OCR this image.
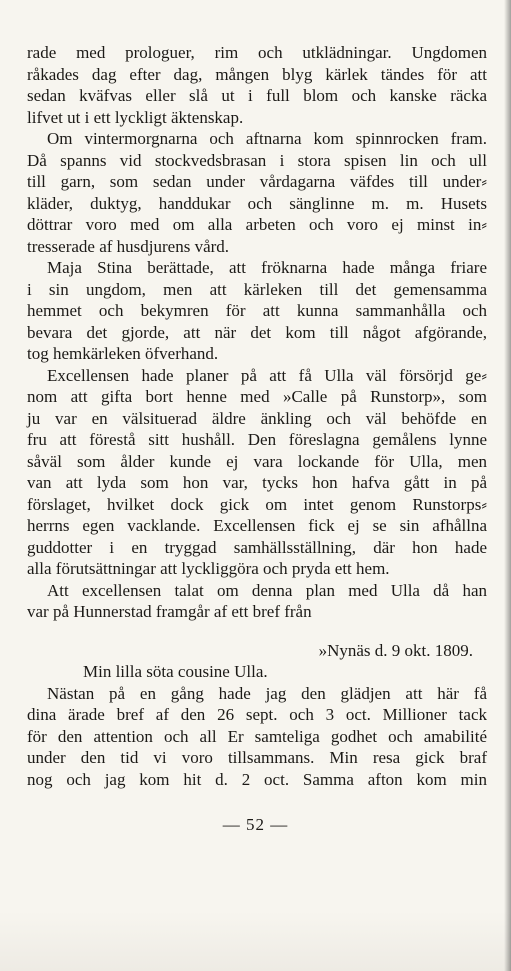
rade med prologuer, rim och utklädningar. Ungdomen
råkades dag efter dag, mången blyg kärlek tändes för att
sedan kväfvas eller slå ut i full blom och kanske räcka
lifvet ut i ett lyckligt äktenskap.
Om vintermorgnarna och aftnarna kom spinnrocken fram.
Då spanns vid stockvedsbrasan i stora spisen lin och ull
till garn, som sedan under vårdagarna väfdes till under⸗
kläder, duktyg, handdukar och sänglinne m. m. Husets
döttrar voro med om alla arbeten och voro ej minst in⸗
tresserade af husdjurens vård.
Maja Stina berättade, att fröknarna hade många friare
i sin ungdom, men att kärleken till det gemensamma
hemmet och bekymren för att kunna sammanhålla och
bevara det gjorde, att när det kom till något afgörande,
tog hemkärleken öfverhand.
Excellensen hade planer på att få Ulla väl försörjd ge⸗
nom att gifta bort henne med »Calle på Runstorp», som
ju var en välsituerad äldre änkling och väl behöfde en
fru att förestå sitt hushåll. Den föreslagna gemålens lynne
såväl som ålder kunde ej vara lockande för Ulla, men
van att lyda som hon var, tycks hon hafva gått in på
förslaget, hvilket dock gick om intet genom Runstorps⸗
herrns egen vacklande. Excellensen fick ej se sin afhållna
guddotter i en tryggad samhällsställning, där hon hade
alla förutsättningar att lyckliggöra och pryda ett hem.
Att excellensen talat om denna plan med Ulla då han
var på Hunnerstad framgår af ett bref från
»Nynäs d. 9 okt. 1809.
Min lilla söta cousine Ulla.
Nästan på en gång hade jag den glädjen att här få
dina ärade bref af den 26 sept. och 3 oct. Millioner tack
för den attention och all Er samteliga godhet och amabilité
under den tid vi voro tillsammans. Min resa gick braf
nog och jag kom hit d. 2 oct. Samma afton kom min
— 52 —
